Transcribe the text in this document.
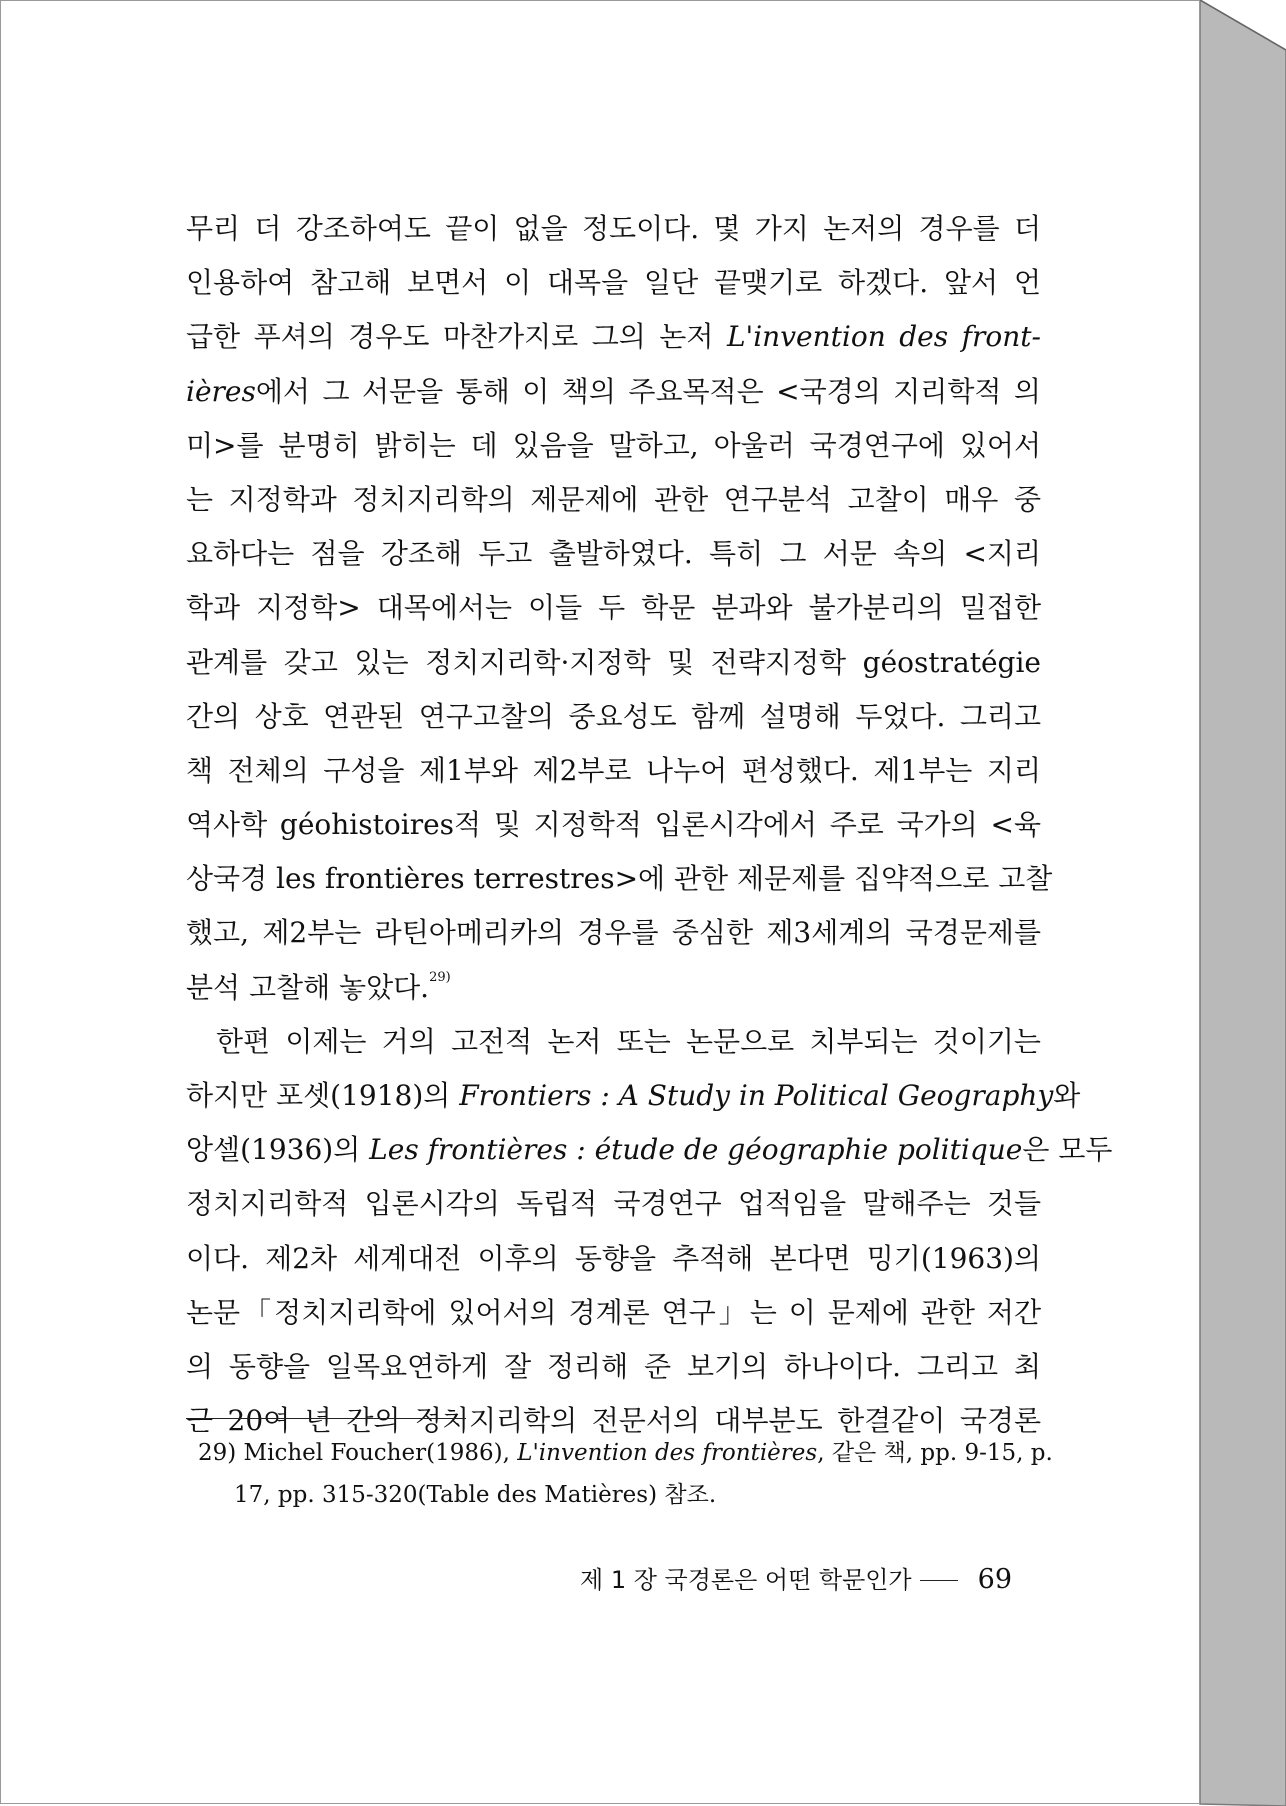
무리 더 강조하여도 끝이 없을 정도이다. 몇 가지 논저의 경우를 더
인용하여 참고해 보면서 이 대목을 일단 끝맺기로 하겠다. 앞서 언
급한 푸셔의 경우도 마찬가지로 그의 논저 L'invention des front-
ières에서 그 서문을 통해 이 책의 주요목적은 <국경의 지리학적 의
미>를 분명히 밝히는 데 있음을 말하고, 아울러 국경연구에 있어서
는 지정학과 정치지리학의 제문제에 관한 연구분석 고찰이 매우 중
요하다는 점을 강조해 두고 출발하였다. 특히 그 서문 속의 <지리
학과 지정학> 대목에서는 이들 두 학문 분과와 불가분리의 밀접한
관계를 갖고 있는 정치지리학·지정학 및 전략지정학 géostratégie
간의 상호 연관된 연구고찰의 중요성도 함께 설명해 두었다. 그리고
책 전체의 구성을 제1부와 제2부로 나누어 편성했다. 제1부는 지리
역사학 géohistoires적 및 지정학적 입론시각에서 주로 국가의 <육
상국경 les frontières terrestres>에 관한 제문제를 집약적으로 고찰
했고, 제2부는 라틴아메리카의 경우를 중심한 제3세계의 국경문제를
분석 고찰해 놓았다.$^{29)}$
한편 이제는 거의 고전적 논저 또는 논문으로 치부되는 것이기는
하지만 포셋(1918)의 Frontiers : A Study in Political Geography와
앙셀(1936)의 Les frontières : étude de géographie politique은 모두
정치지리학적 입론시각의 독립적 국경연구 업적임을 말해주는 것들
이다. 제2차 세계대전 이후의 동향을 추적해 본다면 밍기(1963)의
논문「정치지리학에 있어서의 경계론 연구」는 이 문제에 관한 저간
의 동향을 일목요연하게 잘 정리해 준 보기의 하나이다. 그리고 최
근 20여 년 간의 정치지리학의 전문서의 대부분도 한결같이 국경론
29) Michel Foucher(1986), L'invention des frontières, 같은 책, pp. 9-15, p.
17, pp. 315-320(Table des Matières) 참조.
제 1 장 국경론은 어떤 학문인가 69
